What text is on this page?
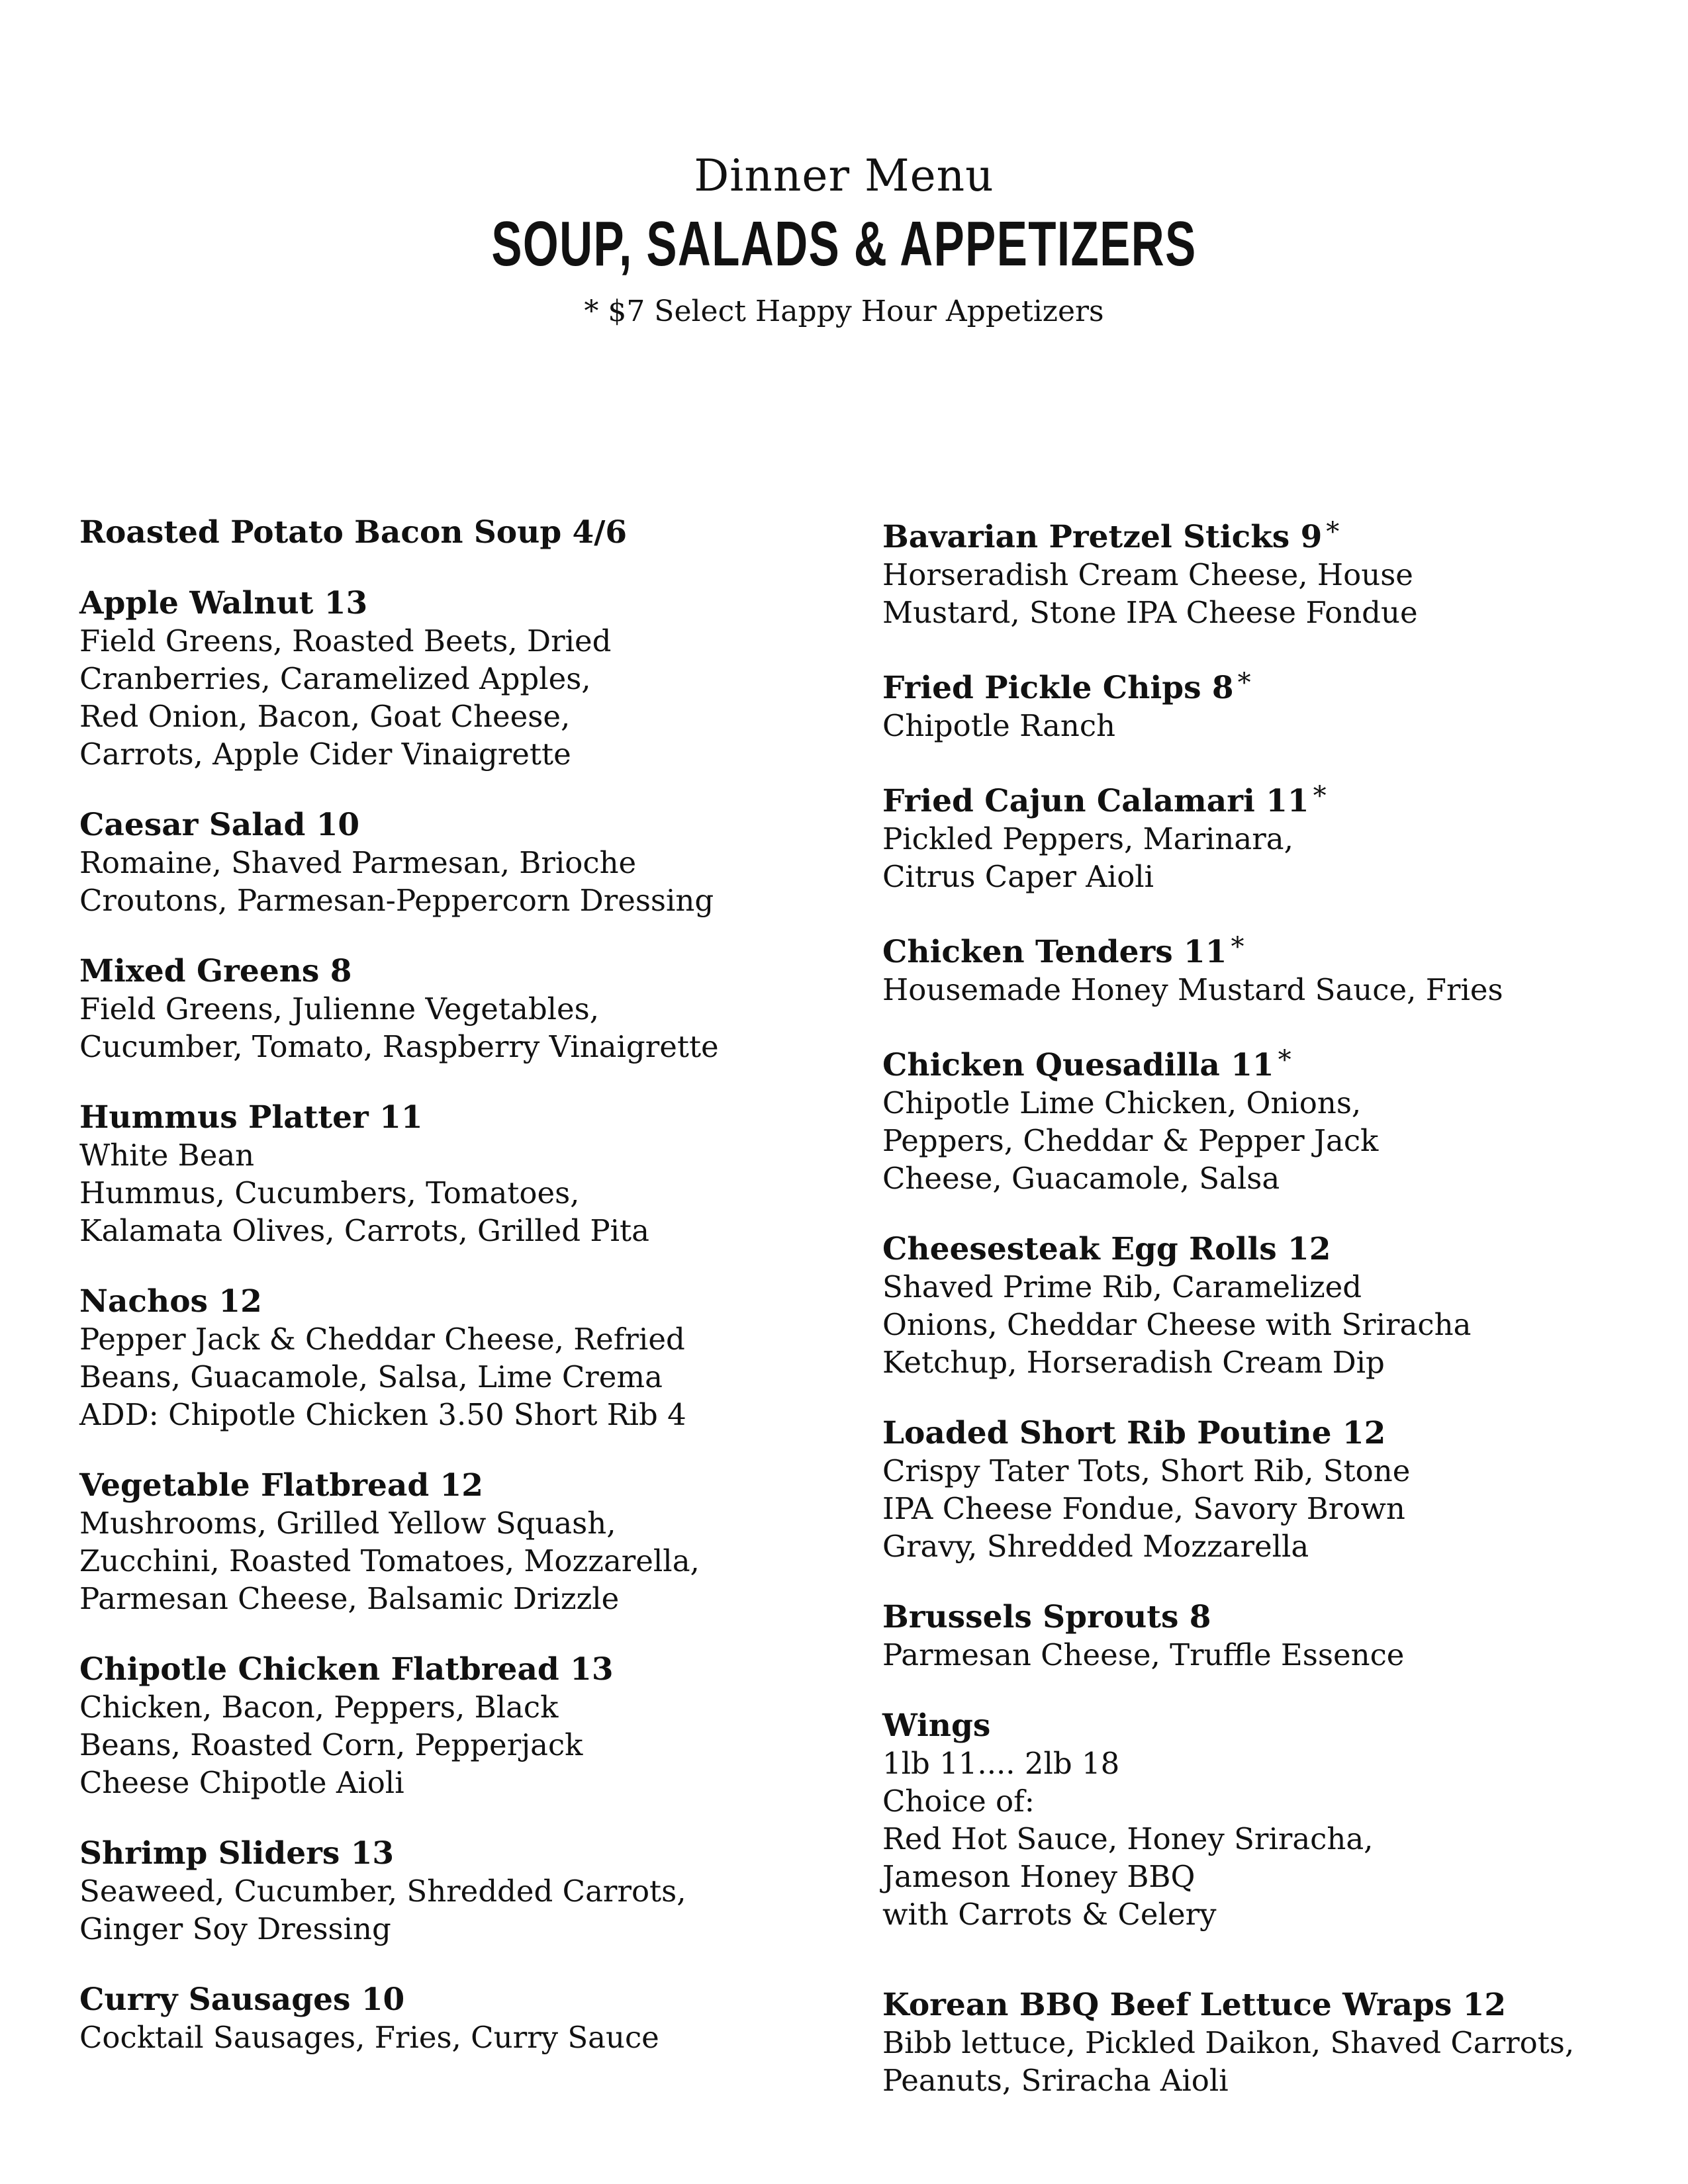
Dinner Menu
SOUP, SALADS & APPETIZERS
* $7 Select Happy Hour Appetizers
Roasted Potato Bacon Soup 4/6
Apple Walnut 13
Field Greens, Roasted Beets, Dried
Cranberries, Caramelized Apples,
Red Onion, Bacon, Goat Cheese,
Carrots, Apple Cider Vinaigrette
Caesar Salad 10
Romaine, Shaved Parmesan, Brioche
Croutons, Parmesan-Peppercorn Dressing
Mixed Greens 8
Field Greens, Julienne Vegetables,
Cucumber, Tomato, Raspberry Vinaigrette
Hummus Platter 11
White Bean
Hummus, Cucumbers, Tomatoes,
Kalamata Olives, Carrots, Grilled Pita
Nachos 12
Pepper Jack & Cheddar Cheese, Refried
Beans, Guacamole, Salsa, Lime Crema
ADD: Chipotle Chicken 3.50 Short Rib 4
Vegetable Flatbread 12
Mushrooms, Grilled Yellow Squash,
Zucchini, Roasted Tomatoes, Mozzarella,
Parmesan Cheese, Balsamic Drizzle
Chipotle Chicken Flatbread 13
Chicken, Bacon, Peppers, Black
Beans, Roasted Corn, Pepperjack
Cheese Chipotle Aioli
Shrimp Sliders 13
Seaweed, Cucumber, Shredded Carrots,
Ginger Soy Dressing
Curry Sausages 10
Cocktail Sausages, Fries, Curry Sauce
Bavarian Pretzel Sticks 9 *
Horseradish Cream Cheese, House
Mustard, Stone IPA Cheese Fondue
Fried Pickle Chips 8 *
Chipotle Ranch
Fried Cajun Calamari 11 *
Pickled Peppers, Marinara,
Citrus Caper Aioli
Chicken Tenders 11 *
Housemade Honey Mustard Sauce, Fries
Chicken Quesadilla 11 *
Chipotle Lime Chicken, Onions,
Peppers, Cheddar & Pepper Jack
Cheese, Guacamole, Salsa
Cheesesteak Egg Rolls 12
Shaved Prime Rib, Caramelized
Onions, Cheddar Cheese with Sriracha
Ketchup, Horseradish Cream Dip
Loaded Short Rib Poutine 12
Crispy Tater Tots, Short Rib, Stone
IPA Cheese Fondue, Savory Brown
Gravy, Shredded Mozzarella
Brussels Sprouts 8
Parmesan Cheese, Truffle Essence
Wings
1lb 11.... 2lb 18
Choice of:
Red Hot Sauce, Honey Sriracha,
Jameson Honey BBQ
with Carrots & Celery
Korean BBQ Beef Lettuce Wraps 12
Bibb lettuce, Pickled Daikon, Shaved Carrots,
Peanuts, Sriracha Aioli
